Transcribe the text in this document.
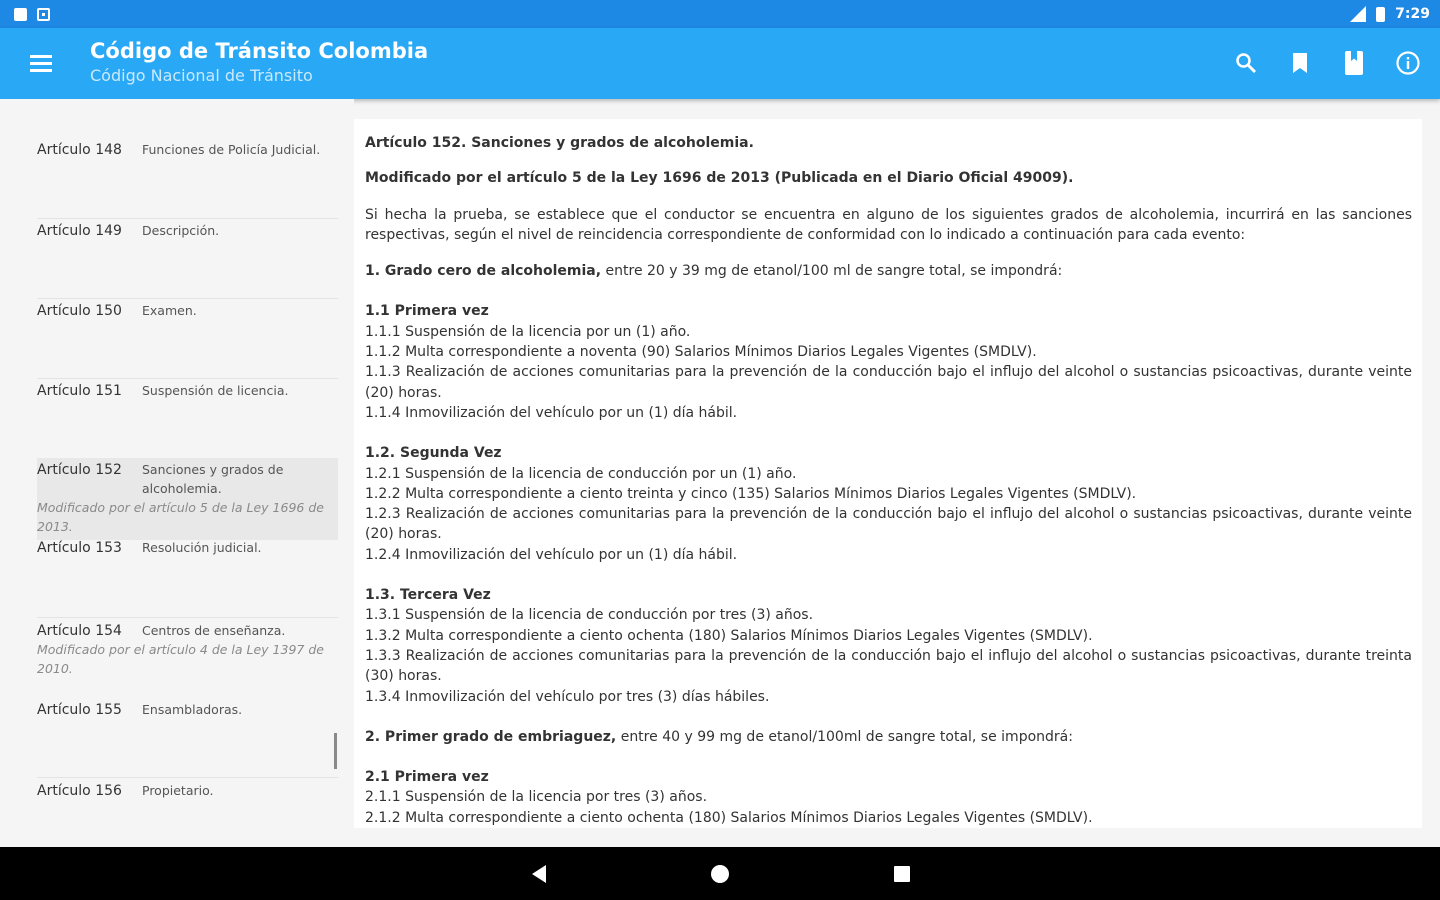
7:29
Código de Tránsito Colombia
Código Nacional de Tránsito
Artículo 148	Funciones de Policía Judicial.
Artículo 149	Descripción.
Artículo 150	Examen.
Artículo 151	Suspensión de licencia.
Artículo 152	Sanciones y grados de alcoholemia.
Modificado por el artículo 5 de la Ley 1696 de 2013.
Artículo 153	Resolución judicial.
Artículo 154	Centros de enseñanza.
Modificado por el artículo 4 de la Ley 1397 de 2010.
Artículo 155	Ensambladoras.
Artículo 156	Propietario.

Artículo 152. Sanciones y grados de alcoholemia.

Modificado por el artículo 5 de la Ley 1696 de 2013 (Publicada en el Diario Oficial 49009).

Si hecha la prueba, se establece que el conductor se encuentra en alguno de los siguientes grados de alcoholemia, incurrirá en las sanciones respectivas, según el nivel de reincidencia correspondiente de conformidad con lo indicado a continuación para cada evento:

1. Grado cero de alcoholemia, entre 20 y 39 mg de etanol/100 ml de sangre total, se impondrá:

1.1 Primera vez

1.1.1 Suspensión de la licencia por un (1) año.

1.1.2 Multa correspondiente a noventa (90) Salarios Mínimos Diarios Legales Vigentes (SMDLV).

1.1.3 Realización de acciones comunitarias para la prevención de la conducción bajo el influjo del alcohol o sustancias psicoactivas, durante veinte (20) horas.

1.1.4 Inmovilización del vehículo por un (1) día hábil.

1.2. Segunda Vez

1.2.1 Suspensión de la licencia de conducción por un (1) año.

1.2.2 Multa correspondiente a ciento treinta y cinco (135) Salarios Mínimos Diarios Legales Vigentes (SMDLV).

1.2.3 Realización de acciones comunitarias para la prevención de la conducción bajo el influjo del alcohol o sustancias psicoactivas, durante veinte (20) horas.

1.2.4 Inmovilización del vehículo por un (1) día hábil.

1.3. Tercera Vez

1.3.1 Suspensión de la licencia de conducción por tres (3) años.

1.3.2 Multa correspondiente a ciento ochenta (180) Salarios Mínimos Diarios Legales Vigentes (SMDLV).

1.3.3 Realización de acciones comunitarias para la prevención de la conducción bajo el influjo del alcohol o sustancias psicoactivas, durante treinta (30) horas.

1.3.4 Inmovilización del vehículo por tres (3) días hábiles.

2. Primer grado de embriaguez, entre 40 y 99 mg de etanol/100ml de sangre total, se impondrá:

2.1 Primera vez

2.1.1 Suspensión de la licencia por tres (3) años.

2.1.2 Multa correspondiente a ciento ochenta (180) Salarios Mínimos Diarios Legales Vigentes (SMDLV).
